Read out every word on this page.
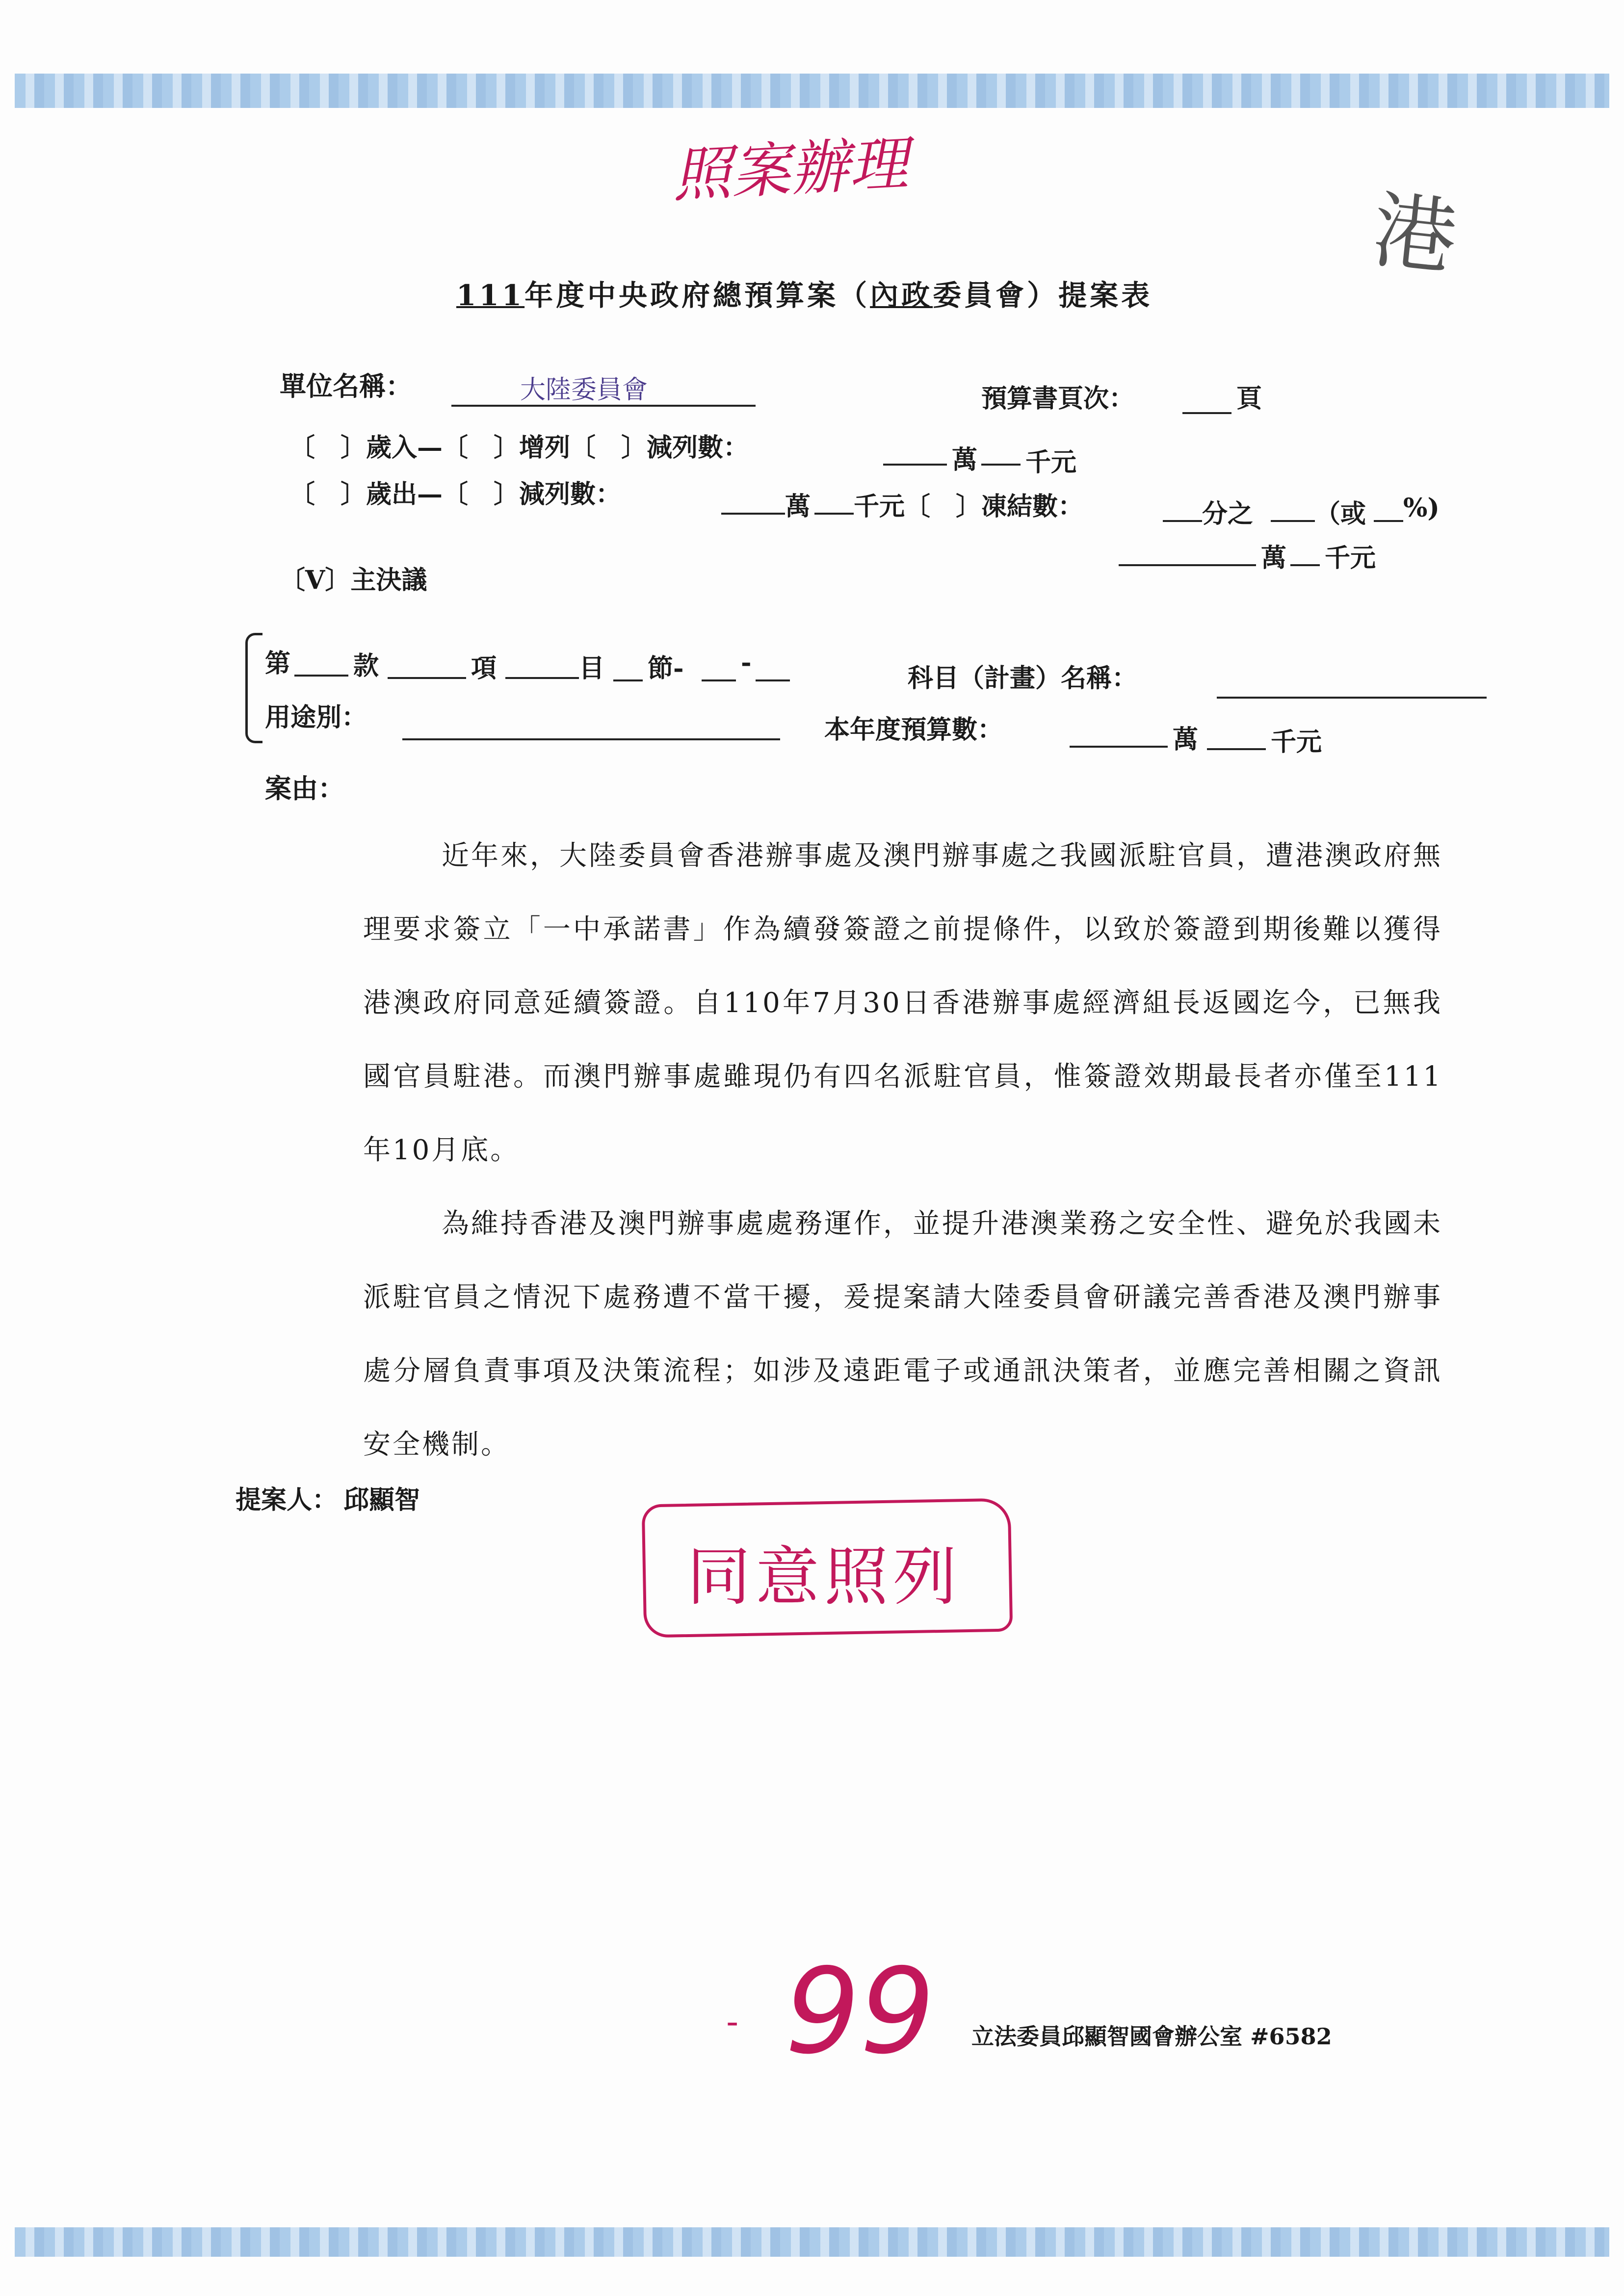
照案辦理
港
111年度中央政府總預算案（內政委員會）提案表
單位名稱：	大陸委員會	預算書頁次：	頁
〔　〕歲入—〔　〕增列〔　〕減列數：	萬 千元
〔　〕歲出—〔　〕減列數：	萬 千元〔　〕凍結數：	分之 （或 %)
萬 千元
〔V〕主決議
第 款	項	目 節- -
科目（計畫）名稱：
用途別：	本年度預算數：	萬	千元
案由：

近年來，大陸委員會香港辦事處及澳門辦事處之我國派駐官員，遭港澳政府無理要求簽立「一中承諾書」作為續發簽證之前提條件，以致於簽證到期後難以獲得港澳政府同意延續簽證。自110年7月30日香港辦事處經濟組長返國迄今，已無我國官員駐港。而澳門辦事處雖現仍有四名派駐官員，惟簽證效期最長者亦僅至111年10月底。

為維持香港及澳門辦事處處務運作，並提升港澳業務之安全性、避免於我國未派駐官員之情況下處務遭不當干擾，爰提案請大陸委員會研議完善香港及澳門辦事處分層負責事項及決策流程；如涉及遠距電子或通訊決策者，並應完善相關之資訊安全機制。

提案人： 邱顯智
同意照列
- 99 立法委員邱顯智國會辦公室 #6582
